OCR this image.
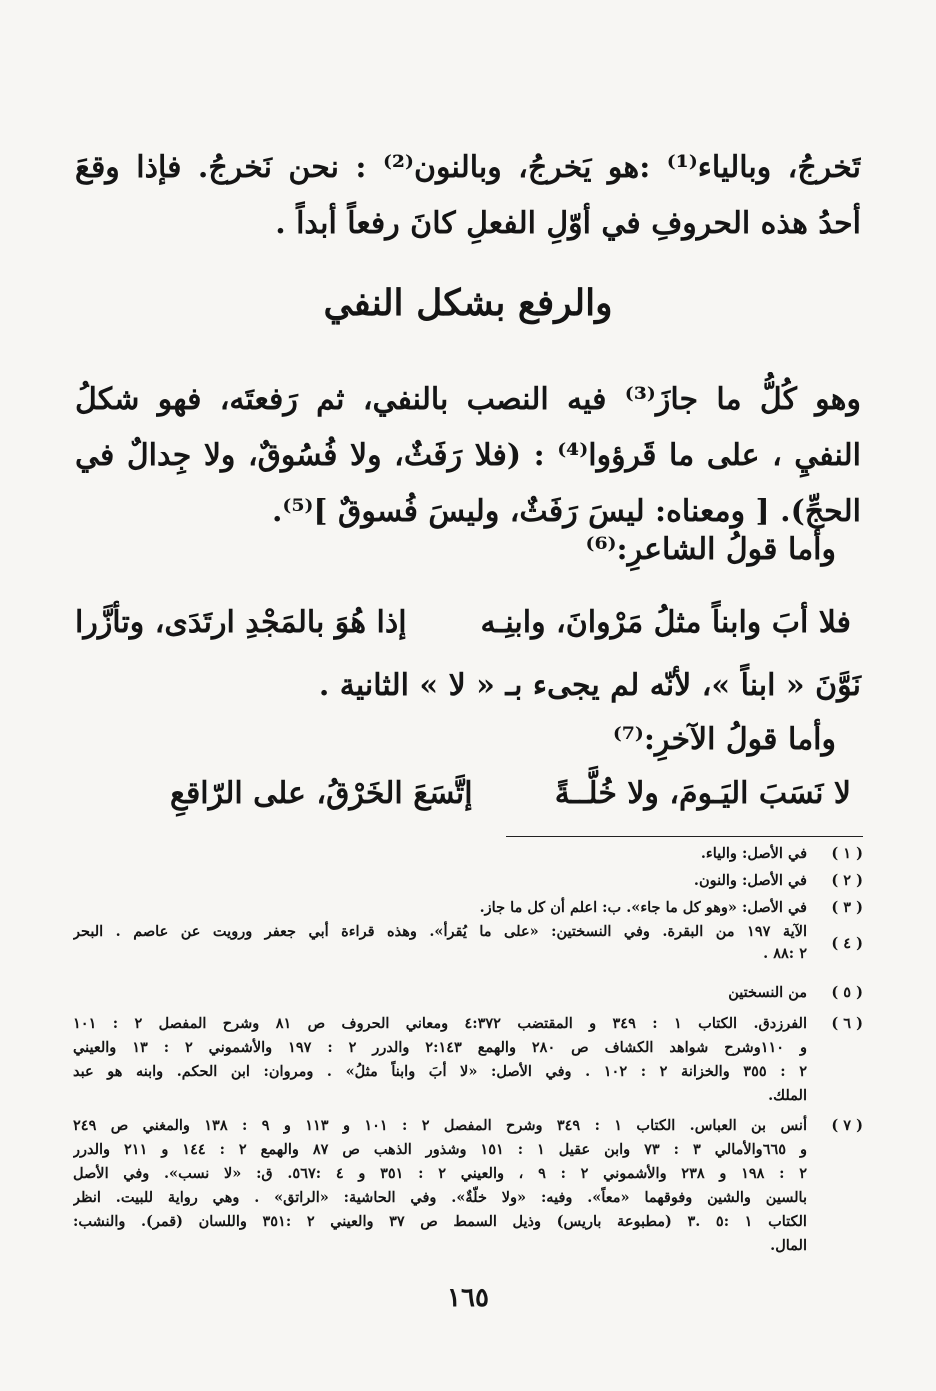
تَخرجُ، وبالياء⁽¹⁾ :هو يَخرجُ، وبالنون⁽²⁾ : نحن نَخرجُ. فإذا وقعَ
أحدُ هذه الحروفِ في أوّلِ الفعلِ كانَ رفعاً أبداً .
والرفع بشكل النفي
وهو كُلُّ ما جازَ⁽³⁾ فيه النصب بالنفي، ثم رَفعتَه، فهو شكلُ
النفيِ ، على ما قَرؤوا⁽⁴⁾ : (فلا رَفَثٌ، ولا فُسُوقٌ، ولا جِدالٌ في
الحجِّ). [ ومعناه: ليسَ رَفَثٌ، وليسَ فُسوقٌ ]⁽⁵⁾.
وأما قولُ الشاعرِ:⁽⁶⁾
فلا أبَ وابناً مثلُ مَرْوانَ، وابنِـه
إذا هُوَ بالمَجْدِ ارتَدَى، وتأزَّرا
نَوَّنَ « ابناً »، لأنّه لم يجىء بـ « لا » الثانية .
وأما قولُ الآخرِ:⁽⁷⁾
لا نَسَبَ اليَـومَ، ولا خُلَّــةً
إتَّسَعَ الخَرْقُ، على الرّاقعِ
( ١ )
في الأصل: والياء.
( ٢ )
في الأصل: والنون.
( ٣ )
في الأصل: «وهو كل ما جاء». ب: اعلم أن كل ما جاز.
( ٤ )
الآية ١٩٧ من البقرة. وفي النسختين: «على ما يُقرأ». وهذه قراءة أبي جعفر ورويت عن عاصم . البحر
٢ :٨٨ .
( ٥ )
من النسختين
( ٦ )
الفرزدق. الكتاب ١ : ٣٤٩ و المقتضب ٤:٣٧٢ ومعاني الحروف ص ٨١ وشرح المفصل ٢ : ١٠١
و ١١٠وشرح شواهد الكشاف ص ٢٨٠ والهمع ٢:١٤٣ والدرر ٢ : ١٩٧ والأشموني ٢ : ١٣ والعيني
٢ : ٣٥٥ والخزانة ٢ : ١٠٢ . وفي الأصل: «لا أبَ وابناً مثلُ» . ومروان: ابن الحكم. وابنه هو عبد
الملك.
( ٧ )
أنس بن العباس. الكتاب ١ : ٣٤٩ وشرح المفصل ٢ : ١٠١ و ١١٣ و ٩ : ١٣٨ والمغني ص ٢٤٩
و ٦٦٥والأمالي ٣ : ٧٣ وابن عقيل ١ : ١٥١ وشذور الذهب ص ٨٧ والهمع ٢ : ١٤٤ و ٢١١ والدرر
٢ : ١٩٨ و ٢٣٨ والأشموني ٢ : ٩ ، والعيني ٢ : ٣٥١ و ٤ :٥٦٧. ق: «لا نسب». وفي الأصل
بالسين والشين وفوقهما «معاً». وفيه: «ولا خلّةٌ». وفي الحاشية: «الراتق» . وهي رواية للبيت. انظر
الكتاب ١ :٥ .٣ (مطبوعة باريس) وذيل السمط ص ٣٧ والعيني ٢ :٣٥١ واللسان (قمر). والنشب:
المال.
١٦٥
